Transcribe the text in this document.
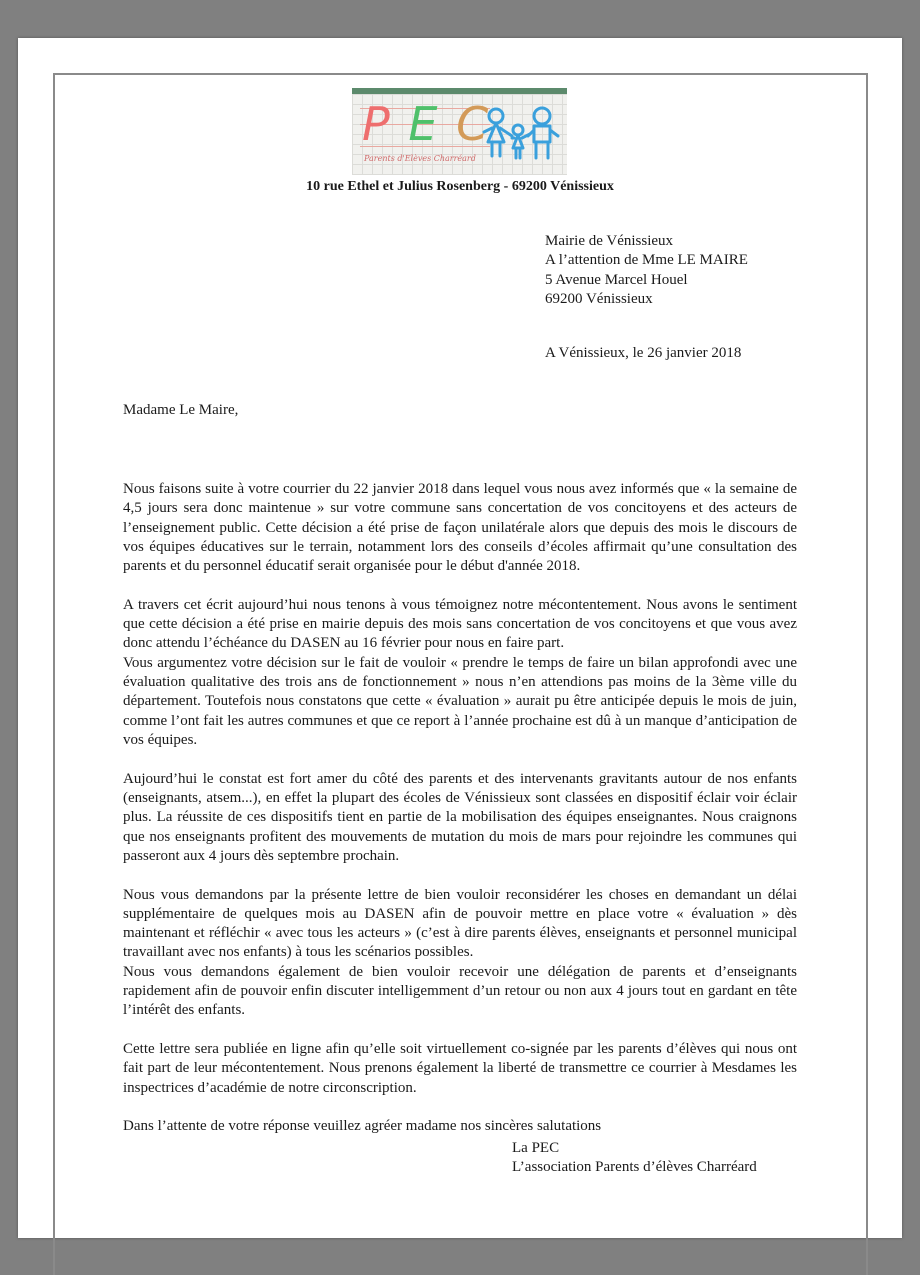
P E C
Parents d'Elèves Charréard
10 rue Ethel et Julius Rosenberg - 69200 Vénissieux
Mairie de Vénissieux
A l’attention de Mme LE MAIRE
5 Avenue Marcel Houel
69200 Vénissieux
A Vénissieux, le 26 janvier 2018
Madame Le Maire,

Nous faisons suite à votre courrier du 22 janvier 2018 dans lequel vous nous avez informés que « la semaine de 4,5 jours sera donc maintenue » sur votre commune sans concertation de vos concitoyens et des acteurs de l’enseignement public. Cette décision a été prise de façon unilatérale alors que depuis des mois le discours de vos équipes éducatives sur le terrain, notamment lors des conseils d’écoles affirmait qu’une consultation des parents et du personnel éducatif serait organisée pour le début d'année 2018.

A travers cet écrit aujourd’hui nous tenons à vous témoignez notre mécontentement. Nous avons le sentiment que cette décision a été prise en mairie depuis des mois sans concertation de vos concitoyens et que vous avez donc attendu l’échéance du DASEN au 16 février pour nous en faire part.
Vous argumentez votre décision sur le fait de vouloir « prendre le temps de faire un bilan approfondi avec une évaluation qualitative des trois ans de fonctionnement » nous n’en attendions pas moins de la 3ème ville du département. Toutefois nous constatons que cette « évaluation » aurait pu être anticipée depuis le mois de juin, comme l’ont fait les autres communes et que ce report à l’année prochaine est dû à un manque d’anticipation de vos équipes.

Aujourd’hui le constat est fort amer du côté des parents et des intervenants gravitants autour de nos enfants (enseignants, atsem...), en effet la plupart des écoles de Vénissieux sont classées en dispositif éclair voir éclair plus. La réussite de ces dispositifs tient en partie de la mobilisation des équipes enseignantes. Nous craignons que nos enseignants profitent des mouvements de mutation du mois de mars pour rejoindre les communes qui passeront aux 4 jours dès septembre prochain.

Nous vous demandons par la présente lettre de bien vouloir reconsidérer les choses en demandant un délai supplémentaire de quelques mois au DASEN afin de pouvoir mettre en place votre « évaluation » dès maintenant et réfléchir « avec tous les acteurs » (c’est à dire parents élèves, enseignants et personnel municipal travaillant avec nos enfants) à tous les scénarios possibles.
Nous vous demandons également de bien vouloir recevoir une délégation de parents et d’enseignants rapidement afin de pouvoir enfin discuter intelligemment d’un retour ou non aux 4 jours tout en gardant en tête l’intérêt des enfants.

Cette lettre sera publiée en ligne afin qu’elle soit virtuellement co-signée par les parents d’élèves qui nous ont fait part de leur mécontentement. Nous prenons également la liberté de transmettre ce courrier à Mesdames les inspectrices d’académie de notre circonscription.

Dans l’attente de votre réponse veuillez agréer madame nos sincères salutations

La PEC
L’association Parents d’élèves Charréard
